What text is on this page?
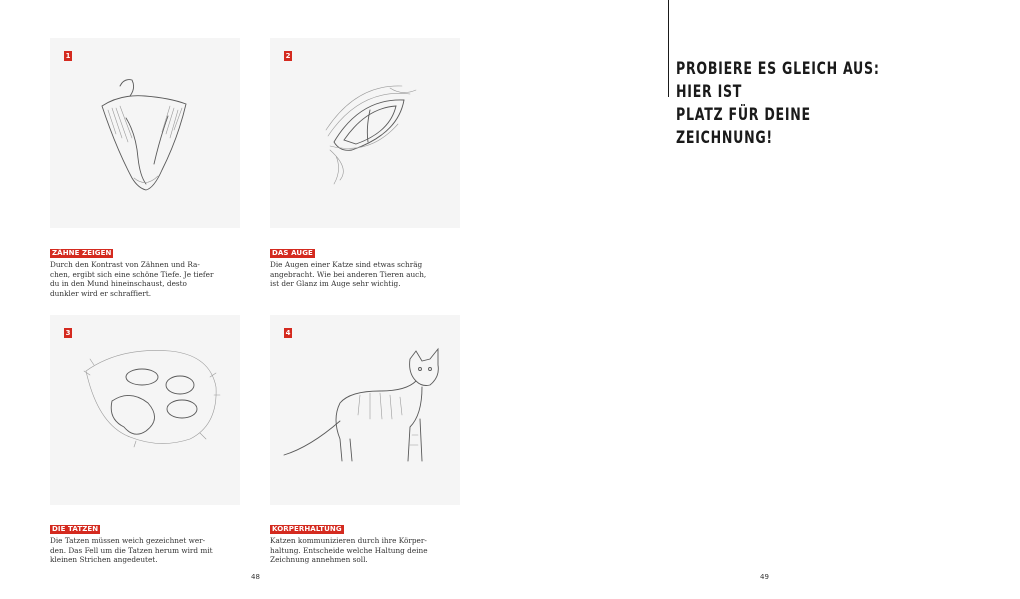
1
ZÄHNE ZEIGEN
Durch den Kontrast von Zähnen und Ra-
chen, ergibt sich eine schöne Tiefe. Je tiefer
du in den Mund hineinschaust, desto
dunkler wird er schraffiert.
2
DAS AUGE
Die Augen einer Katze sind etwas schräg
angebracht. Wie bei anderen Tieren auch,
ist der Glanz im Auge sehr wichtig.
3
DIE TATZEN
Die Tatzen müssen weich gezeichnet wer-
den. Das Fell um die Tatzen herum wird mit
kleinen Strichen angedeutet.
4
KÖRPERHALTUNG
Katzen kommunizieren durch ihre Körper-
haltung. Entscheide welche Haltung deine
Zeichnung annehmen soll.
48
PROBIERE ES GLEICH AUS: HIER IST
PLATZ FÜR DEINE ZEICHNUNG!
49
